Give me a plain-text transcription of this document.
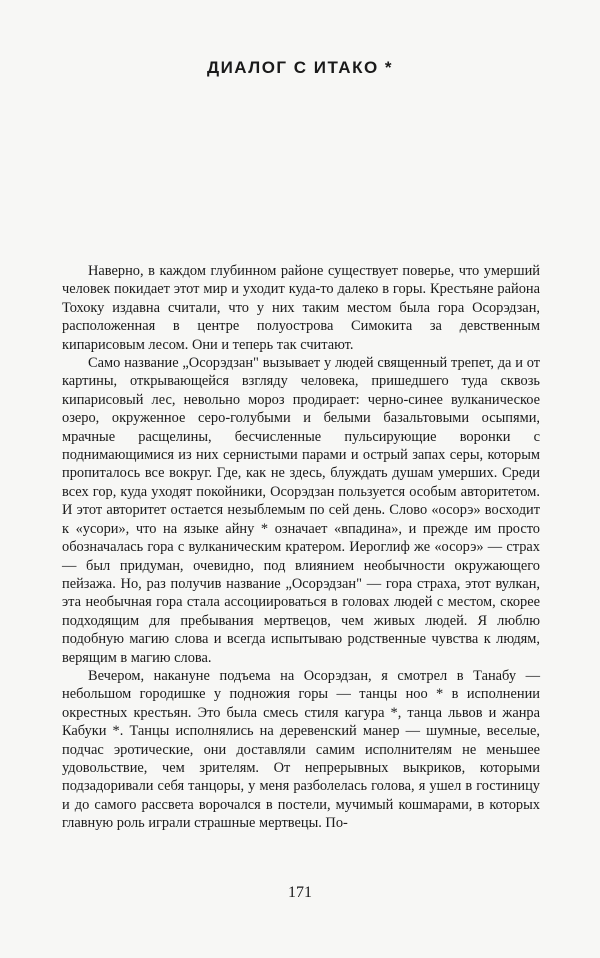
ДИАЛОГ С ИТАКО *

Наверно, в каждом глубинном районе существует поверье, что умерший человек покидает этот мир и уходит куда-то далеко в горы. Крестьяне района Тохоку издавна считали, что у них таким местом была гора Осорэдзан, расположенная в центре полуострова Симокита за девственным кипарисовым лесом. Они и теперь так считают.

Само название „Осорэдзан" вызывает у людей священный трепет, да и от картины, открывающейся взгляду человека, пришедшего туда сквозь кипарисовый лес, невольно мороз продирает: черно-синее вулканическое озеро, окруженное серо-голубыми и белыми базальтовыми осыпями, мрачные расщелины, бесчисленные пульсирующие воронки с поднимающимися из них сернистыми парами и острый запах серы, которым пропиталось все вокруг. Где, как не здесь, блуждать душам умерших. Среди всех гор, куда уходят покойники, Осорэдзан пользуется особым авторитетом. И этот авторитет остается незыблемым по сей день. Слово «осорэ» восходит к «усори», что на языке айну * означает «впадина», и прежде им просто обозначалась гора с вулканическим кратером. Иероглиф же «осорэ» — страх — был придуман, очевидно, под влиянием необычности окружающего пейзажа. Но, раз получив название „Осорэдзан" — гора страха, этот вулкан, эта необычная гора стала ассоциироваться в головах людей с местом, скорее подходящим для пребывания мертвецов, чем живых людей. Я люблю подобную магию слова и всегда испытываю родственные чувства к людям, верящим в магию слова.

Вечером, накануне подъема на Осорэдзан, я смотрел в Танабу — небольшом городишке у подножия горы — танцы ноо * в исполнении окрестных крестьян. Это была смесь стиля кагура *, танца львов и жанра Кабуки *. Танцы исполнялись на деревенский манер — шумные, веселые, подчас эротические, они доставляли самим исполнителям не меньшее удовольствие, чем зрителям. От непрерывных выкриков, которыми подзадоривали себя танцоры, у меня разболелась голова, я ушел в гостиницу и до самого рассвета ворочался в постели, мучимый кошмарами, в которых главную роль играли страшные мертвецы. По-

171
